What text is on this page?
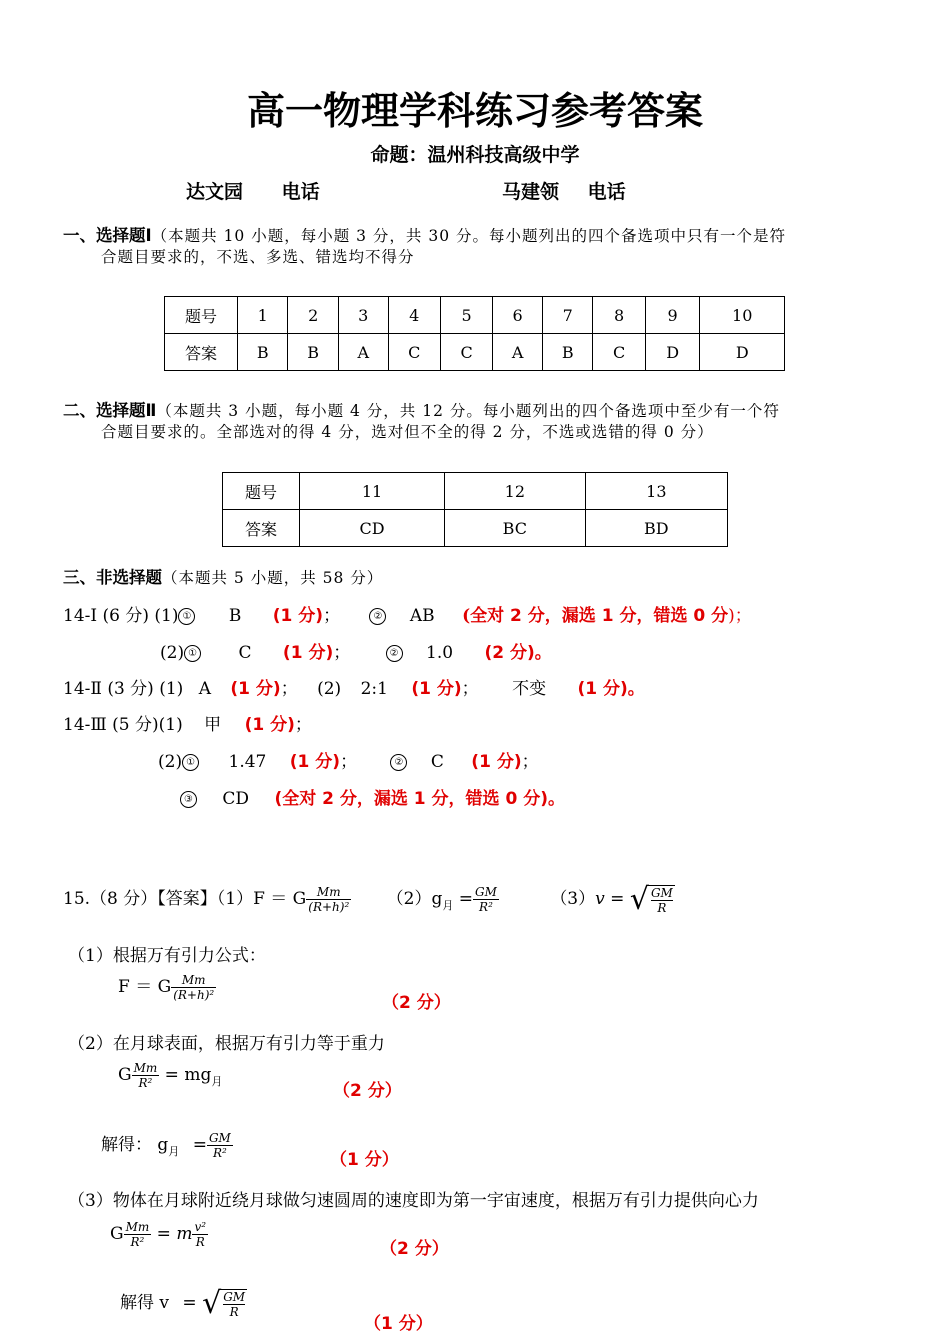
高一物理学科练习参考答案
命题：温州科技高级中学
达文园 电话	马建领 电话
一、选择题Ⅰ（本题共 10 小题，每小题 3 分，共 30 分。每小题列出的四个备选项中只有一个是符
合题目要求的，不选、多选、错选均不得分
题号	1	2	3	4	5	6	7	8	9	10
答案	B	B	A	C	C	A	B	C	D	D
二、选择题Ⅱ（本题共 3 小题，每小题 4 分，共 12 分。每小题列出的四个备选项中至少有一个符
合题目要求的。全部选对的得 4 分，选对但不全的得 2 分，不选或选错的得 0 分）
题号	11	12	13
答案	CD	BC	BD
三、非选择题（本题共 5 小题，共 58 分）
14-Ⅰ (6 分) (1) ① B (1 分)；	② AB (全对 2 分，漏选 1 分，错选 0 分)；
(2) ① C (1 分)；	② 1.0 (2 分)。
14-Ⅱ (3 分) (1) A (1 分)； (2) 2:1 (1 分)； 不变 (1 分)。
14-Ⅲ (5 分)(1) 甲 (1 分)；
(2) ① 1.47 (1 分)；	② C (1 分)；
③ CD (全对 2 分，漏选 1 分，错选 0 分)。
15.（8 分）【答案】（1）F ＝ G $\frac{Mm}{\text{(R+h)²}} (2)g_月 = \frac{GM}{\text{R²}}$	（3）v = √ $\frac{GM}{R}$
（1）根据万有引力公式：
F ＝ G $\frac{Mm}{\text{(R+h)²}}$
（2 分）
（2）在月球表面，根据万有引力等于重力
G $\frac{Mm}{\text{R²}} = mg_月$	（2 分）
解得： $g_月 = \frac{GM}{\text{R²}}$	（1 分）
（3）物体在月球附近绕月球做匀速圆周的速度即为第一宇宙速度，根据万有引力提供向心力
G $\frac{Mm}{\text{R²}} = m \frac{\text{v²}}{R}$	（2 分）
解得 v = √ $\frac{GM}{R}$
（1 分）
